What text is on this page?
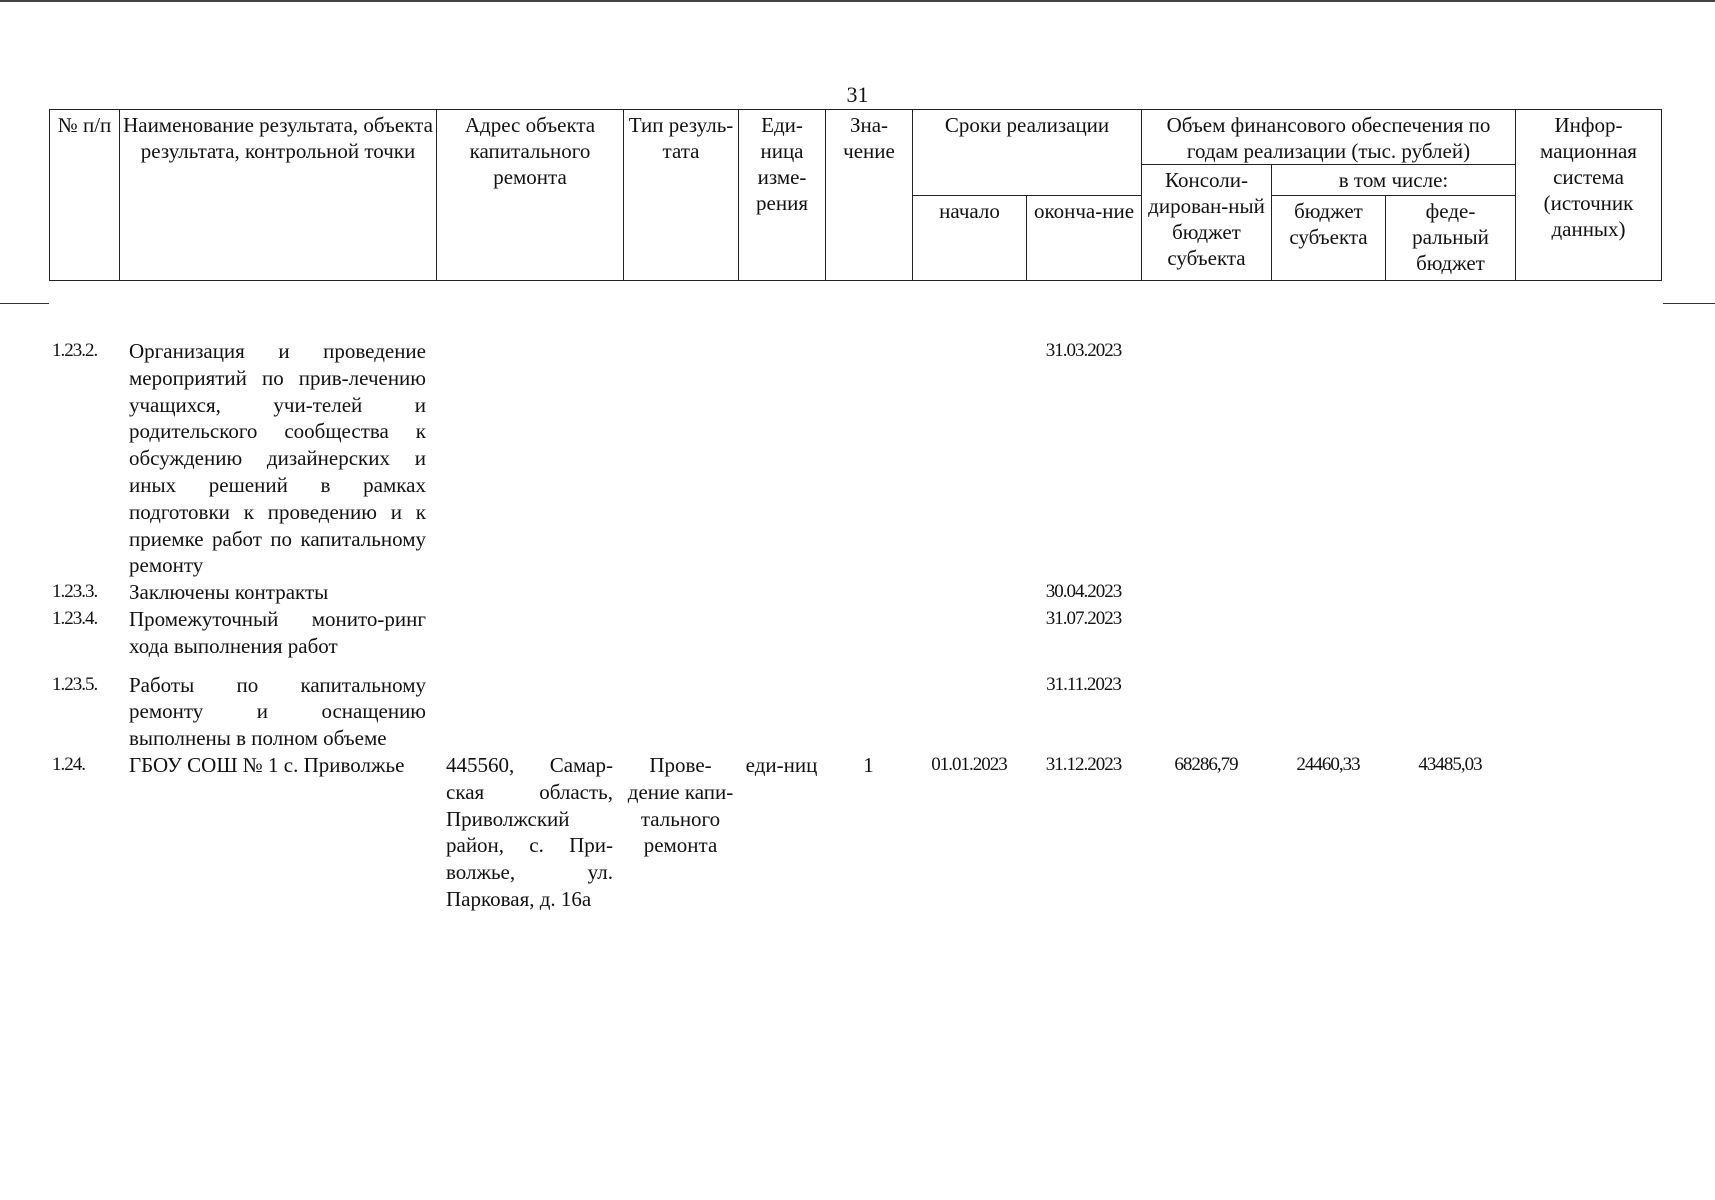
31
№ п/п	Наименование результата, объекта результата, контрольной точки	Адрес объекта капитального ремонта	Тип резуль-тата	Еди-ница изме-рения	Зна-чение	Сроки реализации		Объем финансового обеспечения по годам реализации (тыс. рублей)			Инфор-мационная система (источник данных)
								Консоли-дирован-ный бюджет субъекта	в том числе:		
						начало	оконча-ние		бюджет субъекта	феде-ральный бюджет	
1.23.2.	Организация и проведение мероприятий по прив-лечению учащихся, учи-телей и родительского сообщества к обсуждению дизайнерских и иных решений в рамках подготовки к проведению и к приемке работ по капитальному ремонту						31.03.2023				
1.23.3.	Заключены контракты						30.04.2023				
1.23.4.	Промежуточный монито-ринг хода выполнения работ						31.07.2023				
1.23.5.	Работы по капитальному ремонту и оснащению выполнены в полном объеме						31.11.2023				
1.24.	ГБОУ СОШ № 1 с. Приволжье	445560, Самар-ская область, Приволжский район, с. При-волжье, ул. Парковая, д. 16а	Прове-дение капи-тального ремонта	еди-ниц	1	01.01.2023	31.12.2023	68286,79	24460,33	43485,03	
